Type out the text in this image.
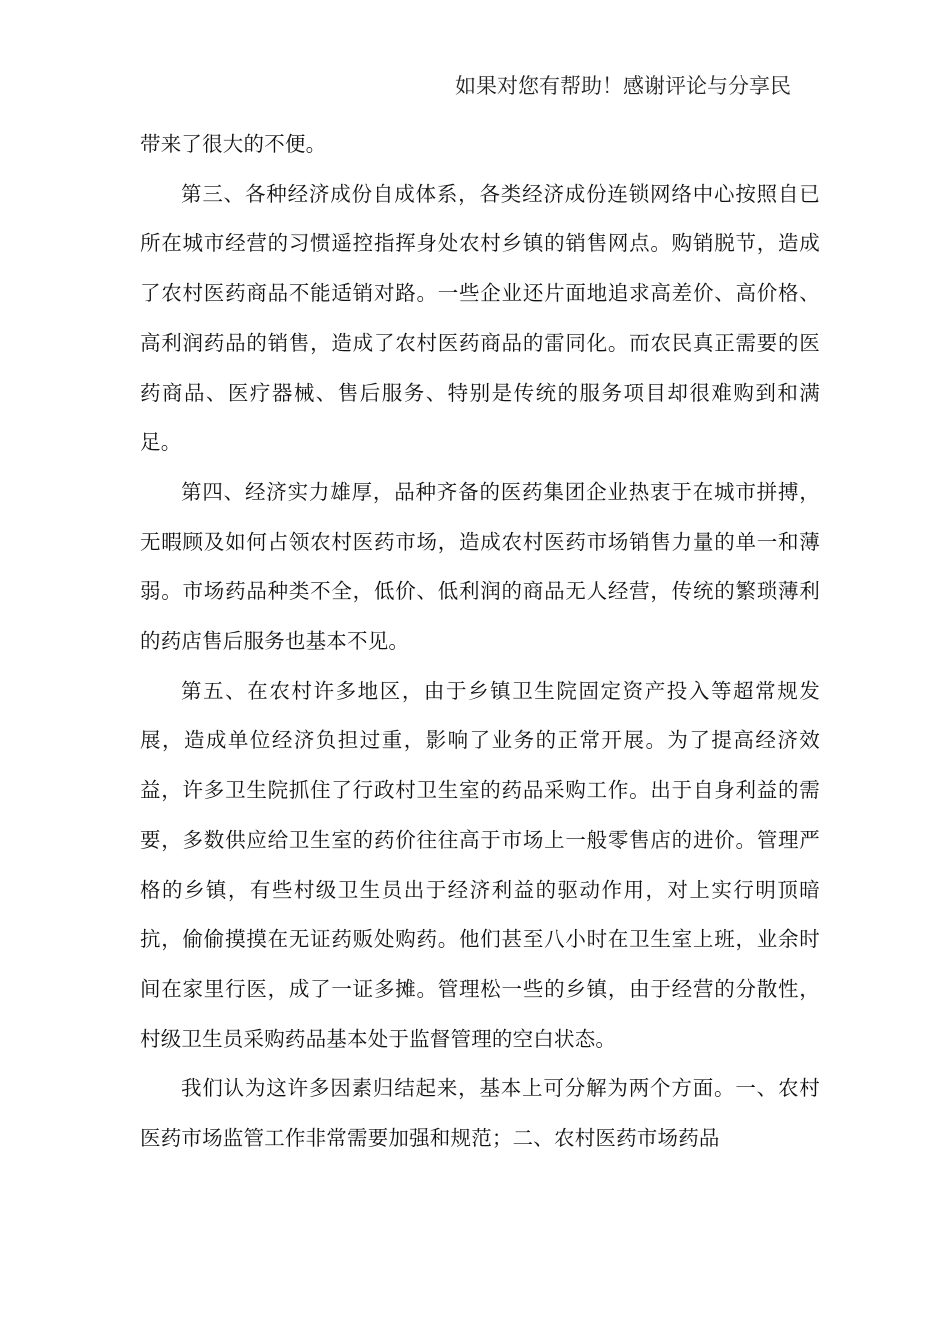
如果对您有帮助！感谢评论与分享民

带来了很大的不便。

第三、各种经济成份自成体系，各类经济成份连锁网络中心按照自已所在城市经营的习惯遥控指挥身处农村乡镇的销售网点。购销脱节，造成了农村医药商品不能适销对路。一些企业还片面地追求高差价、高价格、高利润药品的销售，造成了农村医药商品的雷同化。而农民真正需要的医药商品、医疗器械、售后服务、特别是传统的服务项目却很难购到和满足。

第四、经济实力雄厚，品种齐备的医药集团企业热衷于在城市拼搏，无暇顾及如何占领农村医药市场，造成农村医药市场销售力量的单一和薄弱。市场药品种类不全，低价、低利润的商品无人经营，传统的繁琐薄利的药店售后服务也基本不见。

第五、在农村许多地区，由于乡镇卫生院固定资产投入等超常规发展，造成单位经济负担过重，影响了业务的正常开展。为了提高经济效益，许多卫生院抓住了行政村卫生室的药品采购工作。出于自身利益的需要，多数供应给卫生室的药价往往高于市场上一般零售店的进价。管理严格的乡镇，有些村级卫生员出于经济利益的驱动作用，对上实行明顶暗抗，偷偷摸摸在无证药贩处购药。他们甚至八小时在卫生室上班，业余时间在家里行医，成了一证多摊。管理松一些的乡镇，由于经营的分散性，村级卫生员采购药品基本处于监督管理的空白状态。

我们认为这许多因素归结起来，基本上可分解为两个方面。一、农村医药市场监管工作非常需要加强和规范；二、农村医药市场药品
